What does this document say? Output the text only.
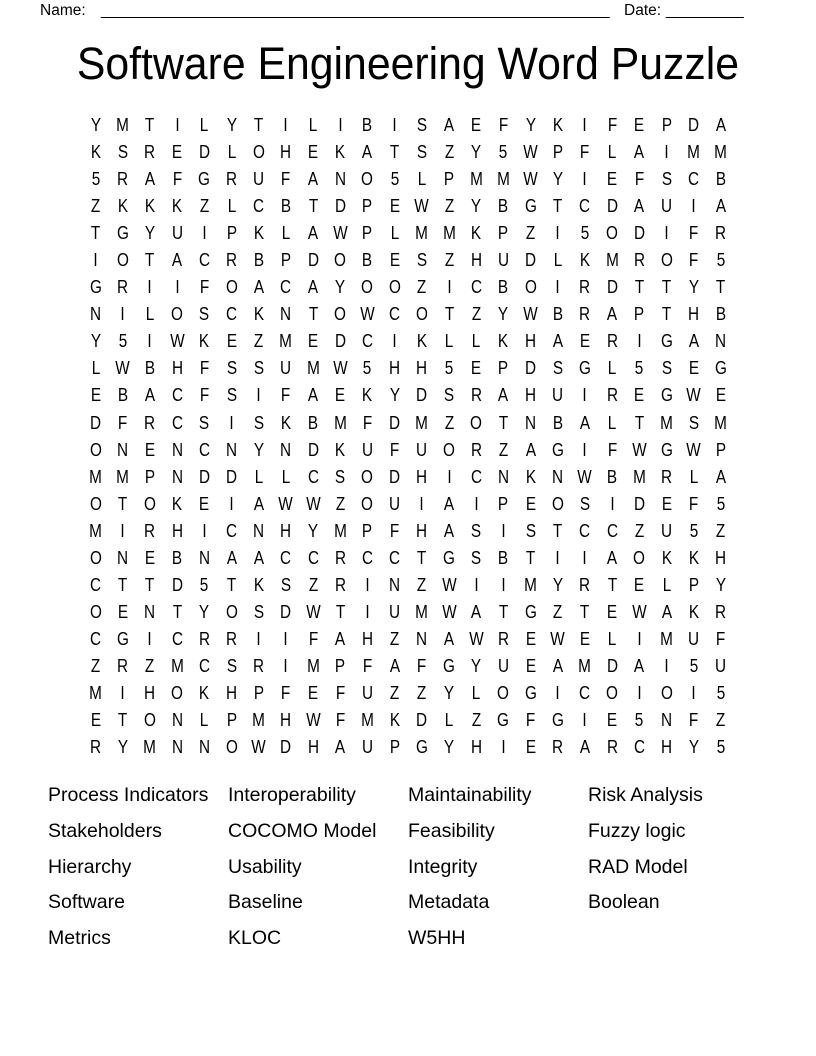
Name: ___________________________________________________________ Date: _________
Software Engineering Word Puzzle
Y M T I L Y T I L I B I S A E F Y K I F E P D A
K S R E D L O H E K A T S Z Y 5 W P F L A I M M
5 R A F G R U F A N O 5 L P M M W Y I E F S C B
Z K K K Z L C B T D P E W Z Y B G T C D A U I A
T G Y U I P K L A W P L M M K P Z I 5 O D I F R
I O T A C R B P D O B E S Z H U D L K M R O F 5
G R I I F O A C A Y O O Z I C B O I R D T T Y T
N I L O S C K N T O W C O T Z Y W B R A P T H B
Y 5 I W K E Z M E D C I K L L K H A E R I G A N
L W B H F S S U M W 5 H H 5 E P D S G L 5 S E G
E B A C F S I F A E K Y D S R A H U I R E G W E
D F R C S I S K B M F D M Z O T N B A L T M S M
O N E N C N Y N D K U F U O R Z A G I F W G W P
M M P N D D L L C S O D H I C N K N W B M R L A
O T O K E I A W W Z O U I A I P E O S I D E F 5
M I R H I C N H Y M P F H A S I S T C C Z U 5 Z
O N E B N A A C C R C C T G S B T I I A O K K H
C T T D 5 T K S Z R I N Z W I I M Y R T E L P Y
O E N T Y O S D W T I U M W A T G Z T E W A K R
C G I C R R I I F A H Z N A W R E W E L I M U F
Z R Z M C S R I M P F A F G Y U E A M D A I 5 U
M I H O K H P F E F U Z Z Y L O G I C O I O I 5
E T O N L P M H W F M K D L Z G F G I E 5 N F Z
R Y M N N O W D H A U P G Y H I E R A R C H Y 5
Process Indicators
Stakeholders
Hierarchy
Software
Metrics
Interoperability
COCOMO Model
Usability
Baseline
KLOC
Maintainability
Feasibility
Integrity
Metadata
W5HH
Risk Analysis
Fuzzy logic
RAD Model
Boolean
